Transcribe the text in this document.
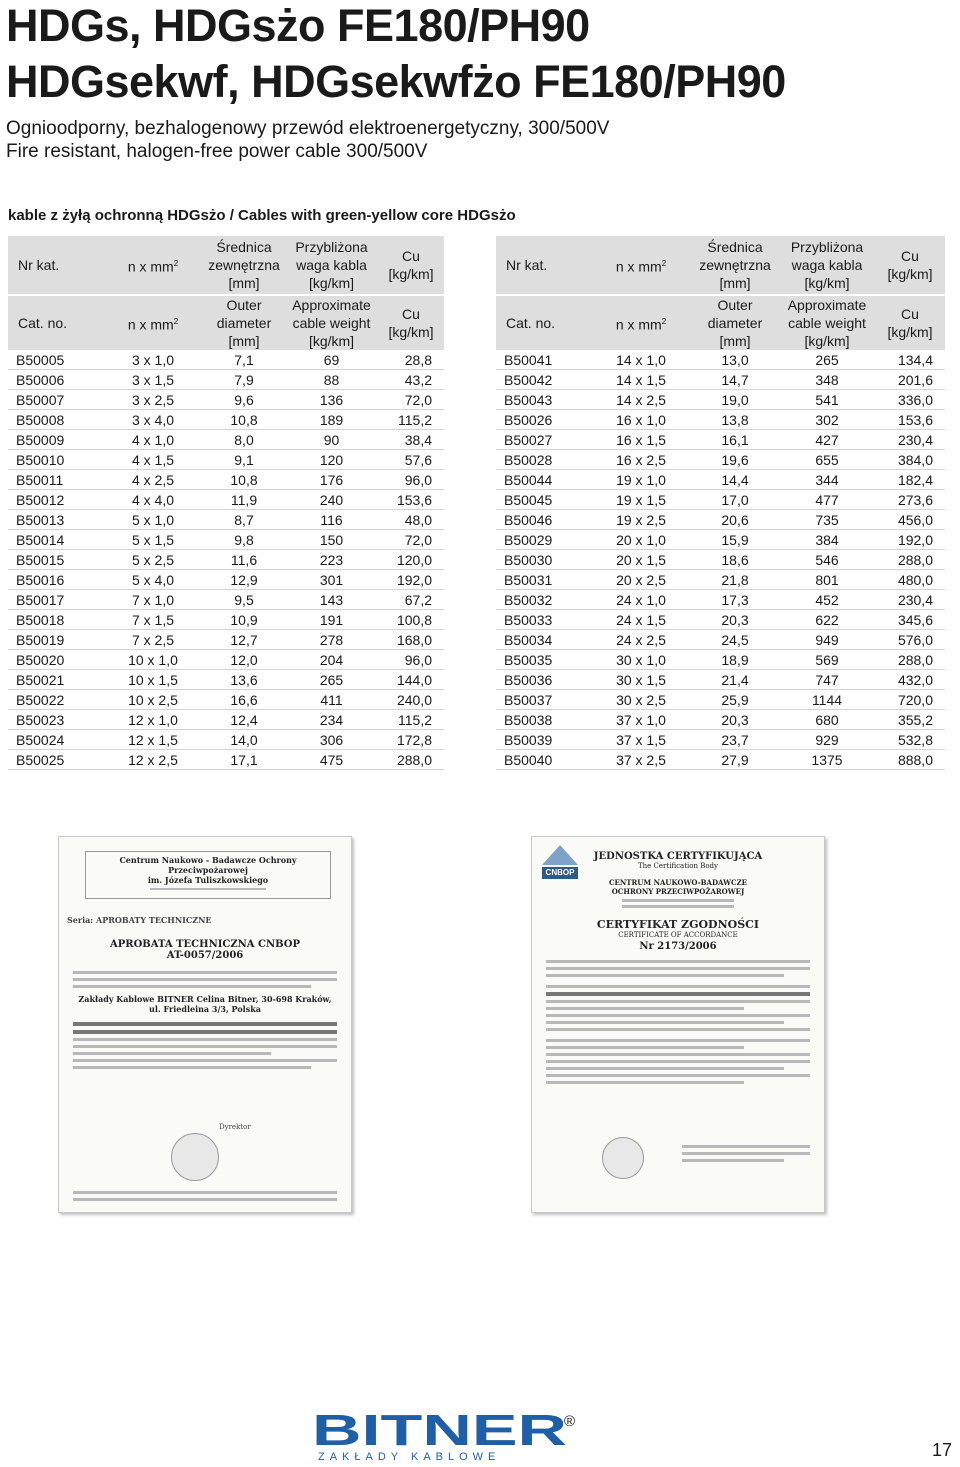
HDGs, HDGsżo FE180/PH90
HDGsekwf, HDGsekwfżo FE180/PH90
Ognioodporny, bezhalogenowy przewód elektroenergetyczny, 300/500V
Fire resistant, halogen-free power cable 300/500V
kable z żyłą ochronną HDGsżo / Cables with green-yellow core HDGsżo
Nr kat.	n x $mm^2$	Średnica
zewnętrzna
[mm]	Przybliżona
waga kabla
[kg/km]	Cu
[kg/km]
Cat. no.	n x $mm^2$	Outer
diameter
[mm]	Approximate
cable weight
[kg/km]	Cu
[kg/km]
B50005	3 x 1,0	7,1	69	28,8
B50006	3 x 1,5	7,9	88	43,2
B50007	3 x 2,5	9,6	136	72,0
B50008	3 x 4,0	10,8	189	115,2
B50009	4 x 1,0	8,0	90	38,4
B50010	4 x 1,5	9,1	120	57,6
B50011	4 x 2,5	10,8	176	96,0
B50012	4 x 4,0	11,9	240	153,6
B50013	5 x 1,0	8,7	116	48,0
B50014	5 x 1,5	9,8	150	72,0
B50015	5 x 2,5	11,6	223	120,0
B50016	5 x 4,0	12,9	301	192,0
B50017	7 x 1,0	9,5	143	67,2
B50018	7 x 1,5	10,9	191	100,8
B50019	7 x 2,5	12,7	278	168,0
B50020	10 x 1,0	12,0	204	96,0
B50021	10 x 1,5	13,6	265	144,0
B50022	10 x 2,5	16,6	411	240,0
B50023	12 x 1,0	12,4	234	115,2
B50024	12 x 1,5	14,0	306	172,8
B50025	12 x 2,5	17,1	475	288,0
Nr kat.	n x $mm^2$	Średnica
zewnętrzna
[mm]	Przybliżona
waga kabla
[kg/km]	Cu
[kg/km]
Cat. no.	n x $mm^2$	Outer
diameter
[mm]	Approximate
cable weight
[kg/km]	Cu
[kg/km]
B50041	14 x 1,0	13,0	265	134,4
B50042	14 x 1,5	14,7	348	201,6
B50043	14 x 2,5	19,0	541	336,0
B50026	16 x 1,0	13,8	302	153,6
B50027	16 x 1,5	16,1	427	230,4
B50028	16 x 2,5	19,6	655	384,0
B50044	19 x 1,0	14,4	344	182,4
B50045	19 x 1,5	17,0	477	273,6
B50046	19 x 2,5	20,6	735	456,0
B50029	20 x 1,0	15,9	384	192,0
B50030	20 x 1,5	18,6	546	288,0
B50031	20 x 2,5	21,8	801	480,0
B50032	24 x 1,0	17,3	452	230,4
B50033	24 x 1,5	20,3	622	345,6
B50034	24 x 2,5	24,5	949	576,0
B50035	30 x 1,0	18,9	569	288,0
B50036	30 x 1,5	21,4	747	432,0
B50037	30 x 2,5	25,9	1144	720,0
B50038	37 x 1,0	20,3	680	355,2
B50039	37 x 1,5	23,7	929	532,8
B50040	37 x 2,5	27,9	1375	888,0
Centrum Naukowo - Badawcze Ochrony Przeciwpożarowej
im. Józefa Tuliszkowskiego
Seria: APROBATY TECHNICZNE
APROBATA TECHNICZNA CNBOP
AT-0057/2006
Zakłady Kablowe BITNER Celina Bitner, 30-698 Kraków,
ul. Friedleina 3/3, Polska
Dyrektor
CNBOP
JEDNOSTKA CERTYFIKUJĄCA
The Certification Body
CENTRUM NAUKOWO-BADAWCZE OCHRONY PRZECIWPOŻAROWEJ
CERTYFIKAT ZGODNOŚCI
CERTIFICATE OF ACCORDANCE
Nr 2173/2006
BITNER
®
ZAKŁADY KABLOWE	17
